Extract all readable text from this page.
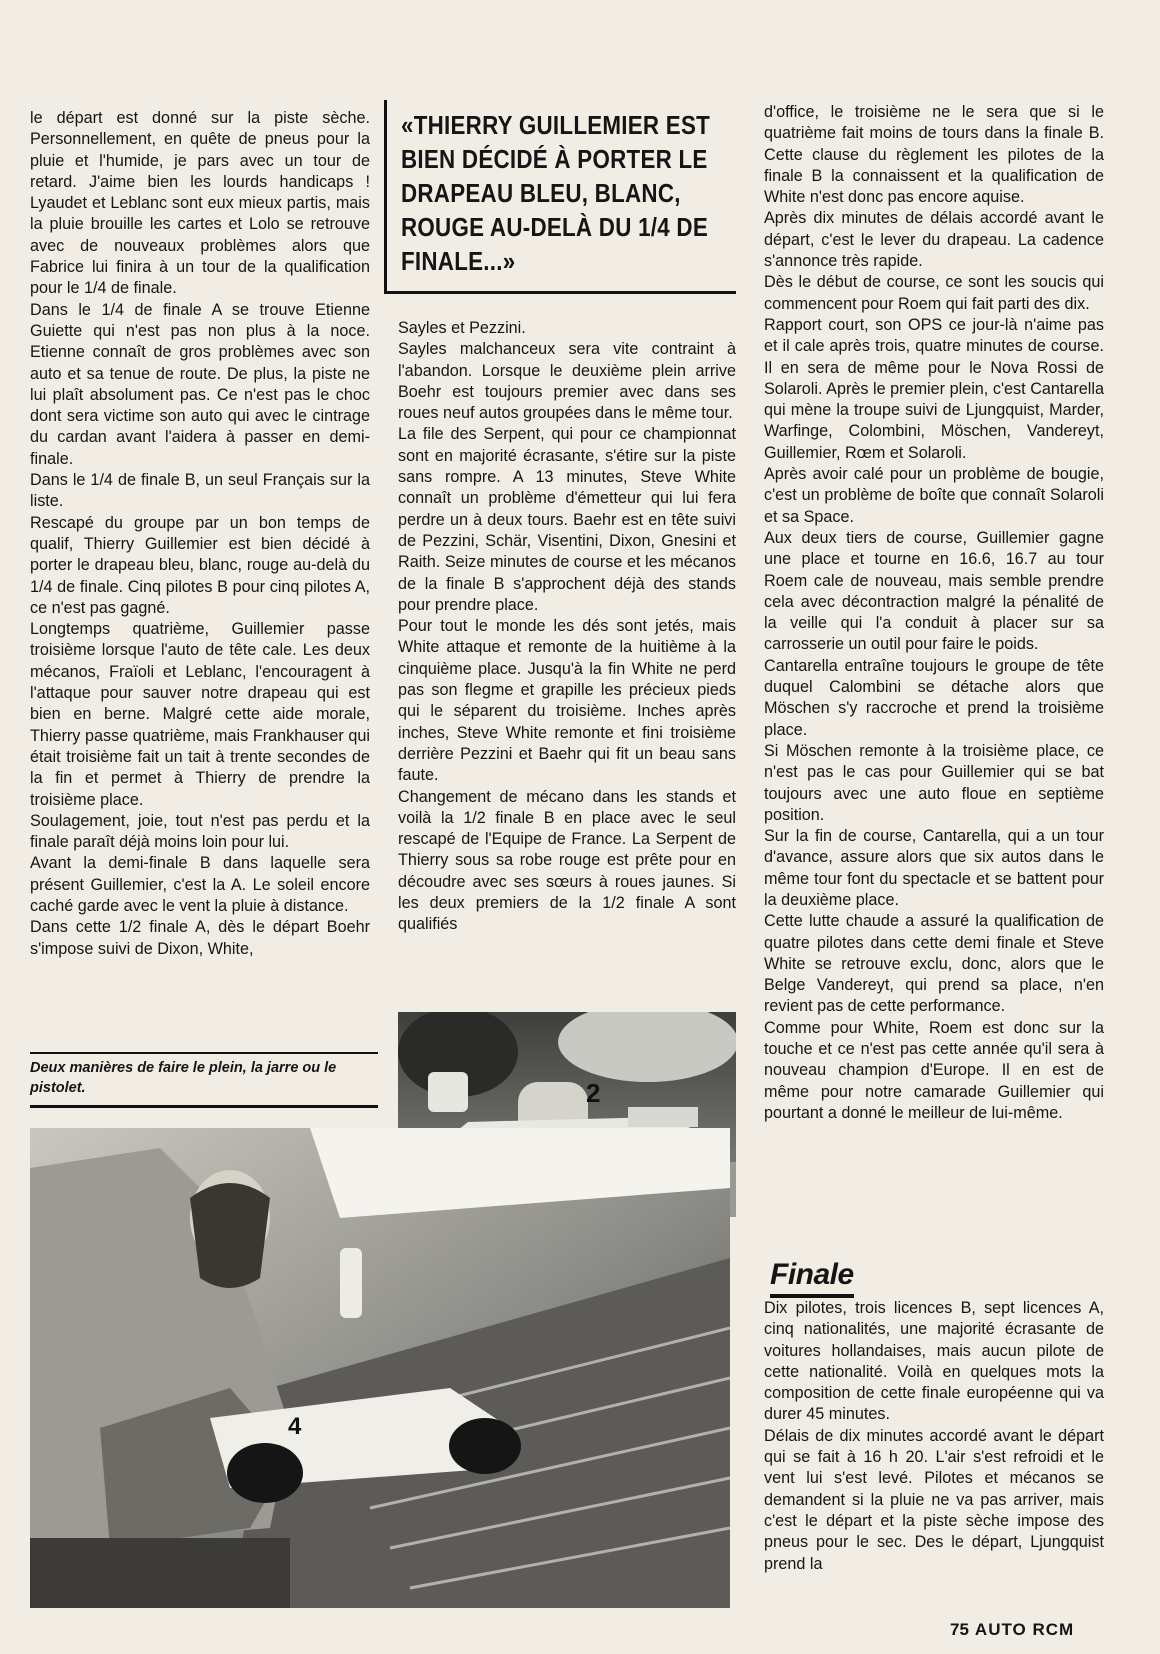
le départ est donné sur la piste sèche. Personnellement, en quête de pneus pour la pluie et l'humide, je pars avec un tour de retard. J'aime bien les lourds handicaps ! Lyaudet et Leblanc sont eux mieux partis, mais la pluie brouille les cartes et Lolo se retrouve avec de nouveaux problèmes alors que Fabrice lui finira à un tour de la qualification pour le 1/4 de finale.

Dans le 1/4 de finale A se trouve Etienne Guiette qui n'est pas non plus à la noce. Etienne connaît de gros problèmes avec son auto et sa tenue de route. De plus, la piste ne lui plaît absolument pas. Ce n'est pas le choc dont sera victime son auto qui avec le cintrage du cardan avant l'aidera à passer en demi-finale.

Dans le 1/4 de finale B, un seul Français sur la liste.

Rescapé du groupe par un bon temps de qualif, Thierry Guillemier est bien décidé à porter le drapeau bleu, blanc, rouge au-delà du 1/4 de finale. Cinq pilotes B pour cinq pilotes A, ce n'est pas gagné.

Longtemps quatrième, Guillemier passe troisième lorsque l'auto de tête cale. Les deux mécanos, Fraïoli et Leblanc, l'encouragent à l'attaque pour sauver notre drapeau qui est bien en berne. Malgré cette aide morale, Thierry passe quatrième, mais Frankhauser qui était troisième fait un tait à trente secondes de la fin et permet à Thierry de prendre la troisième place.

Soulagement, joie, tout n'est pas perdu et la finale paraît déjà moins loin pour lui.

Avant la demi-finale B dans laquelle sera présent Guillemier, c'est la A. Le soleil encore caché garde avec le vent la pluie à distance.

Dans cette 1/2 finale A, dès le départ Boehr s'impose suivi de Dixon, White,

«THIERRY GUILLEMIER EST BIEN DÉCIDÉ À PORTER LE DRAPEAU BLEU, BLANC, ROUGE AU-DELÀ DU 1/4 DE FINALE...»

Sayles et Pezzini.

Sayles malchanceux sera vite contraint à l'abandon. Lorsque le deuxième plein arrive Boehr est toujours premier avec dans ses roues neuf autos groupées dans le même tour.

La file des Serpent, qui pour ce championnat sont en majorité écrasante, s'étire sur la piste sans rompre. A 13 minutes, Steve White connaît un problème d'émetteur qui lui fera perdre un à deux tours. Baehr est en tête suivi de Pezzini, Schär, Visentini, Dixon, Gnesini et Raith. Seize minutes de course et les mécanos de la finale B s'approchent déjà des stands pour prendre place.

Pour tout le monde les dés sont jetés, mais White attaque et remonte de la huitième à la cinquième place. Jusqu'à la fin White ne perd pas son flegme et grapille les précieux pieds qui le séparent du troisième. Inches après inches, Steve White remonte et fini troisième derrière Pezzini et Baehr qui fit un beau sans faute.

Changement de mécano dans les stands et voilà la 1/2 finale B en place avec le seul rescapé de l'Equipe de France. La Serpent de Thierry sous sa robe rouge est prête pour en découdre avec ses sœurs à roues jaunes. Si les deux premiers de la 1/2 finale A sont qualifiés

d'office, le troisième ne le sera que si le quatrième fait moins de tours dans la finale B. Cette clause du règlement les pilotes de la finale B la connaissent et la qualification de White n'est donc pas encore aquise.

Après dix minutes de délais accordé avant le départ, c'est le lever du drapeau. La cadence s'annonce très rapide.

Dès le début de course, ce sont les soucis qui commencent pour Roem qui fait parti des dix.

Rapport court, son OPS ce jour-là n'aime pas et il cale après trois, quatre minutes de course. Il en sera de même pour le Nova Rossi de Solaroli. Après le premier plein, c'est Cantarella qui mène la troupe suivi de Ljungquist, Marder, Warfinge, Colombini, Möschen, Vandereyt, Guillemier, Rœm et Solaroli.

Après avoir calé pour un problème de bougie, c'est un problème de boîte que connaît Solaroli et sa Space.

Aux deux tiers de course, Guillemier gagne une place et tourne en 16.6, 16.7 au tour Roem cale de nouveau, mais semble prendre cela avec décontraction malgré la pénalité de la veille qui l'a conduit à placer sur sa carrosserie un outil pour faire le poids.

Cantarella entraîne toujours le groupe de tête duquel Calombini se détache alors que Möschen s'y raccroche et prend la troisième place.

Si Möschen remonte à la troisième place, ce n'est pas le cas pour Guillemier qui se bat toujours avec une auto floue en septième position.

Sur la fin de course, Cantarella, qui a un tour d'avance, assure alors que six autos dans le même tour font du spectacle et se battent pour la deuxième place.

Cette lutte chaude a assuré la qualification de quatre pilotes dans cette demi finale et Steve White se retrouve exclu, donc, alors que le Belge Vandereyt, qui prend sa place, n'en revient pas de cette performance.

Comme pour White, Roem est donc sur la touche et ce n'est pas cette année qu'il sera à nouveau champion d'Europe. Il en est de même pour notre camarade Guillemier qui pourtant a donné le meilleur de lui-même.

Finale

Dix pilotes, trois licences B, sept licences A, cinq nationalités, une majorité écrasante de voitures hollandaises, mais aucun pilote de cette nationalité. Voilà en quelques mots la composition de cette finale européenne qui va durer 45 minutes.

Délais de dix minutes accordé avant le départ qui se fait à 16 h 20. L'air s'est refroidi et le vent lui s'est levé. Pilotes et mécanos se demandent si la pluie ne va pas arriver, mais c'est le départ et la piste sèche impose des pneus pour le sec. Des le départ, Ljungquist prend la

Deux manières de faire le plein, la jarre ou le pistolet.	2
4
75 AUTO RCM
